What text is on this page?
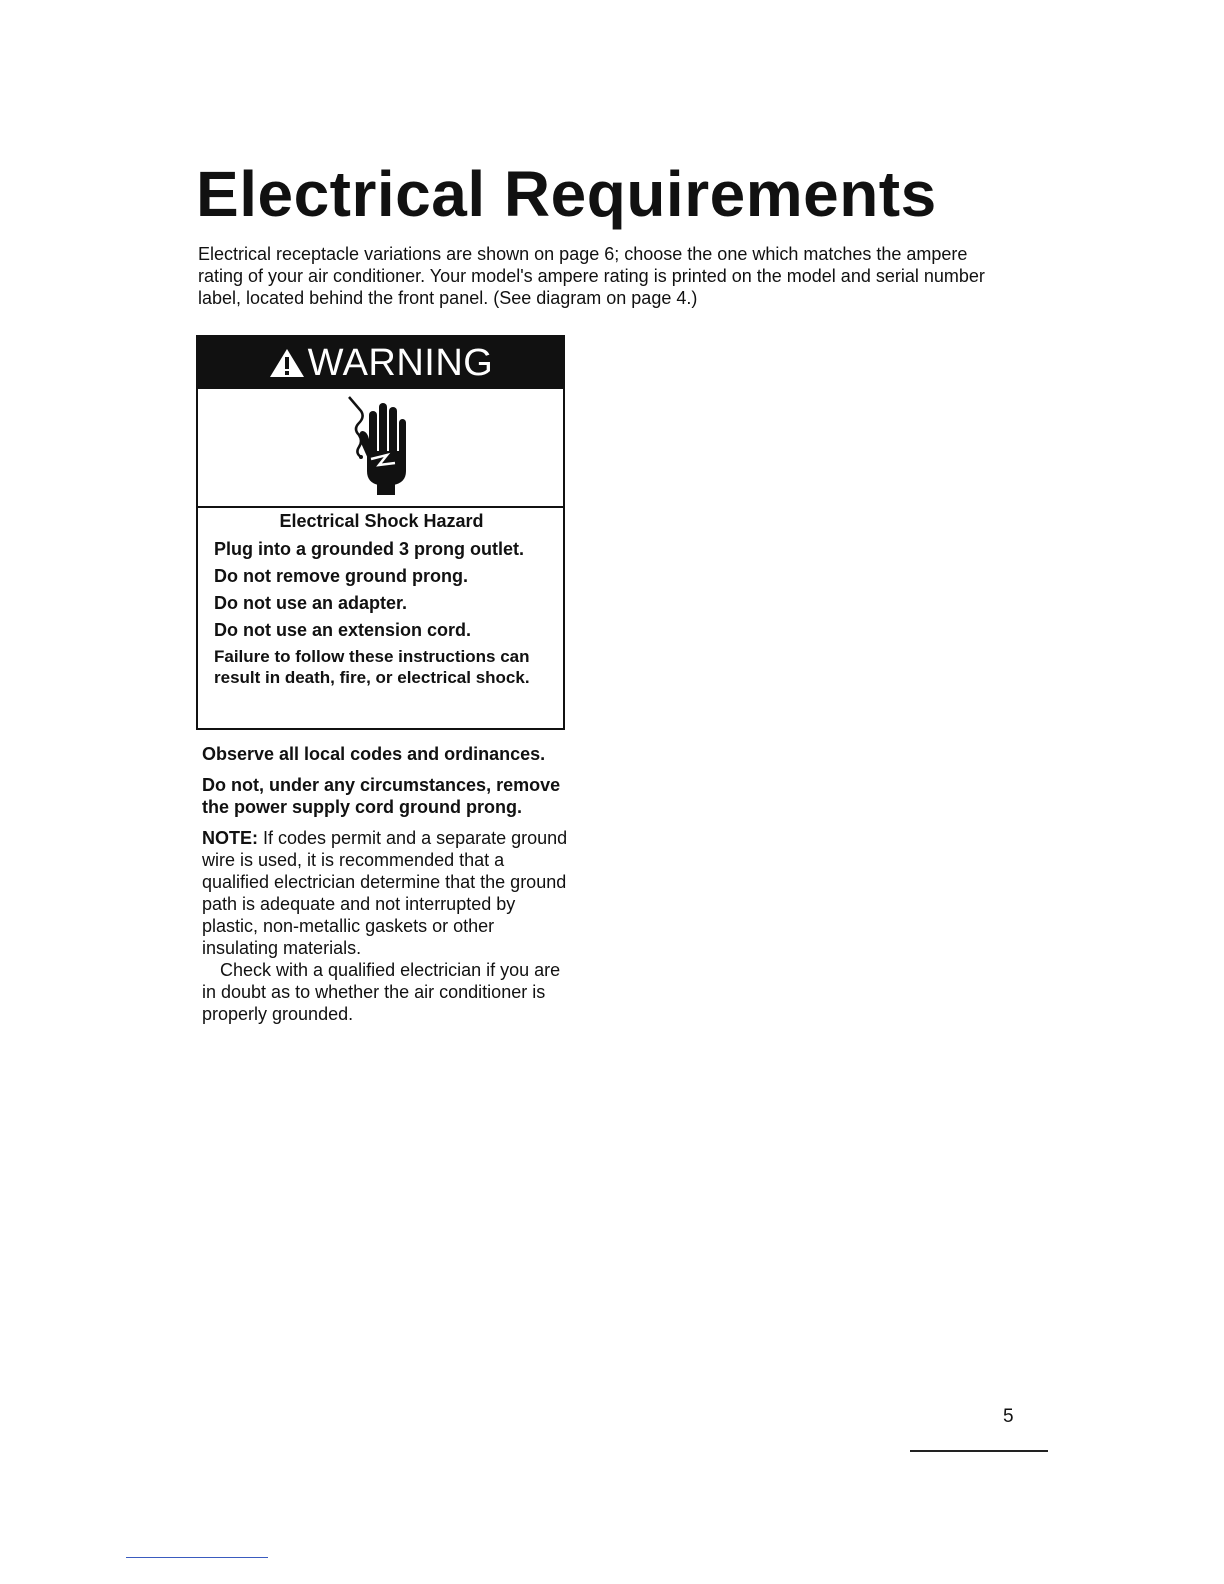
Electrical Requirements

Electrical receptacle variations are shown on page 6; choose the one which matches the ampere rating of your air conditioner. Your model's ampere rating is printed on the model and serial number label, located behind the front panel. (See diagram on page 4.)

WARNING

Electrical Shock Hazard

Plug into a grounded 3 prong outlet.

Do not remove ground prong.

Do not use an adapter.

Do not use an extension cord.

Failure to follow these instructions can result in death, fire, or electrical shock.

Observe all local codes and ordinances.

Do not, under any circumstances, remove the power supply cord ground prong.

NOTE: If codes permit and a separate ground wire is used, it is recommended that a qualified electrician determine that the ground path is adequate and not interrupted by plastic, non-metallic gaskets or other insulating materials.

Check with a qualified electrician if you are in doubt as to whether the air conditioner is properly grounded.

5
